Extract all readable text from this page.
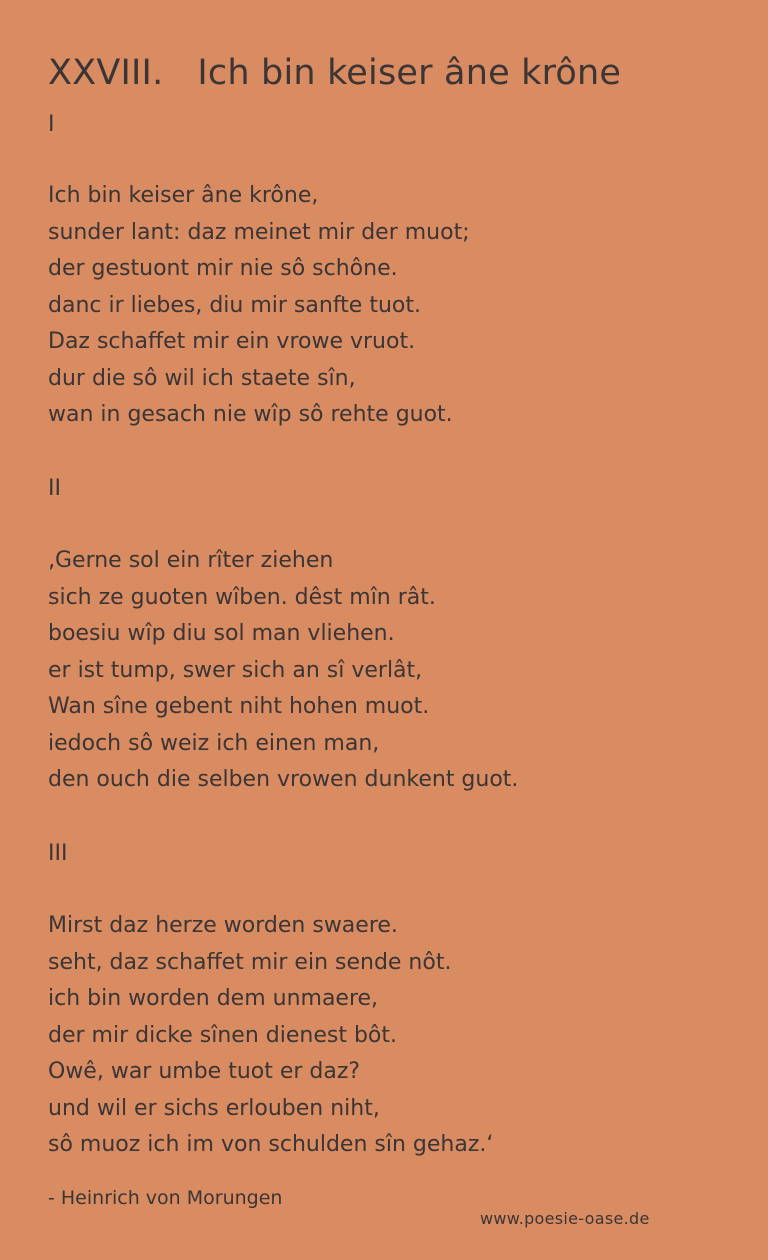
XXVIII.   Ich bin keiser âne krône

I

Ich bin keiser âne krône,
sunder lant: daz meinet mir der muot;
der gestuont mir nie sô schône.
danc ir liebes, diu mir sanfte tuot.
Daz schaffet mir ein vrowe vruot.
dur die sô wil ich staete sîn,
wan in gesach nie wîp sô rehte guot.

II

‚Gerne sol ein rîter ziehen
sich ze guoten wîben. dêst mîn rât.
boesiu wîp diu sol man vliehen.
er ist tump, swer sich an sî verlât,
Wan sîne gebent niht hohen muot.
iedoch sô weiz ich einen man,
den ouch die selben vrowen dunkent guot.

III

Mirst daz herze worden swaere.
seht, daz schaffet mir ein sende nôt.
ich bin worden dem unmaere,
der mir dicke sînen dienest bôt.
Owê, war umbe tuot er daz?
und wil er sichs erlouben niht,
sô muoz ich im von schulden sîn gehaz.‘

- Heinrich von Morungen

www.poesie-oase.de
